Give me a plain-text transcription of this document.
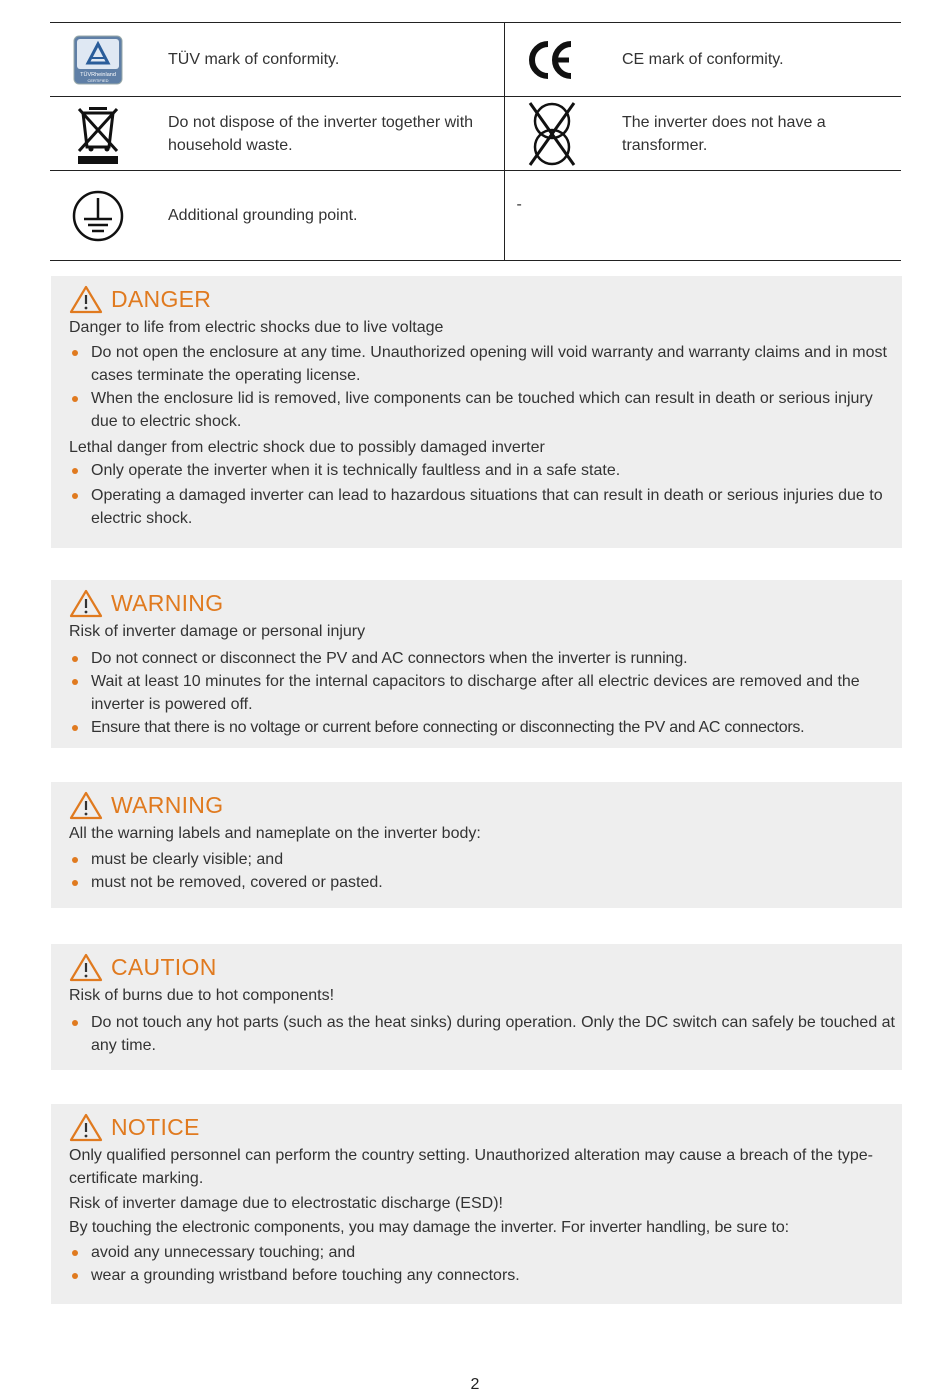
TÜVRheinland
CERTIFIED	TÜV mark of conformity.		CE mark of conformity.

	Do not dispose of the inverter together with household waste.		The inverter does not have a transformer.

	Additional grounding point.	-	
DANGER

Danger to life from electric shocks due to live voltage

Do not open the enclosure at any time. Unauthorized opening will void warranty and warranty claims and in most cases terminate the operating license.
When the enclosure lid is removed, live components can be touched which can result in death or serious injury due to electric shock.

Lethal danger from electric shock due to possibly damaged inverter

Only operate the inverter when it is technically faultless and in a safe state.
Operating a damaged inverter can lead to hazardous situations that can result in death or serious injuries due to electric shock.
WARNING

Risk of inverter damage or personal injury

Do not connect or disconnect the PV and AC connectors when the inverter is running.
Wait at least 10 minutes for the internal capacitors to discharge after all electric devices are removed and the inverter is powered off.
Ensure that there is no voltage or current before connecting or disconnecting the PV and AC connectors.
WARNING

All the warning labels and nameplate on the inverter body:

must be clearly visible; and
must not be removed, covered or pasted.
CAUTION

Risk of burns due to hot components!

Do not touch any hot parts (such as the heat sinks) during operation. Only the DC switch can safely be touched at any time.
NOTICE

Only qualified personnel can perform the country setting. Unauthorized alteration may cause a breach of the type-certificate marking.

Risk of inverter damage due to electrostatic discharge (ESD)!

By touching the electronic components, you may damage the inverter. For inverter handling, be sure to:

avoid any unnecessary touching; and
wear a grounding wristband before touching any connectors.
2
